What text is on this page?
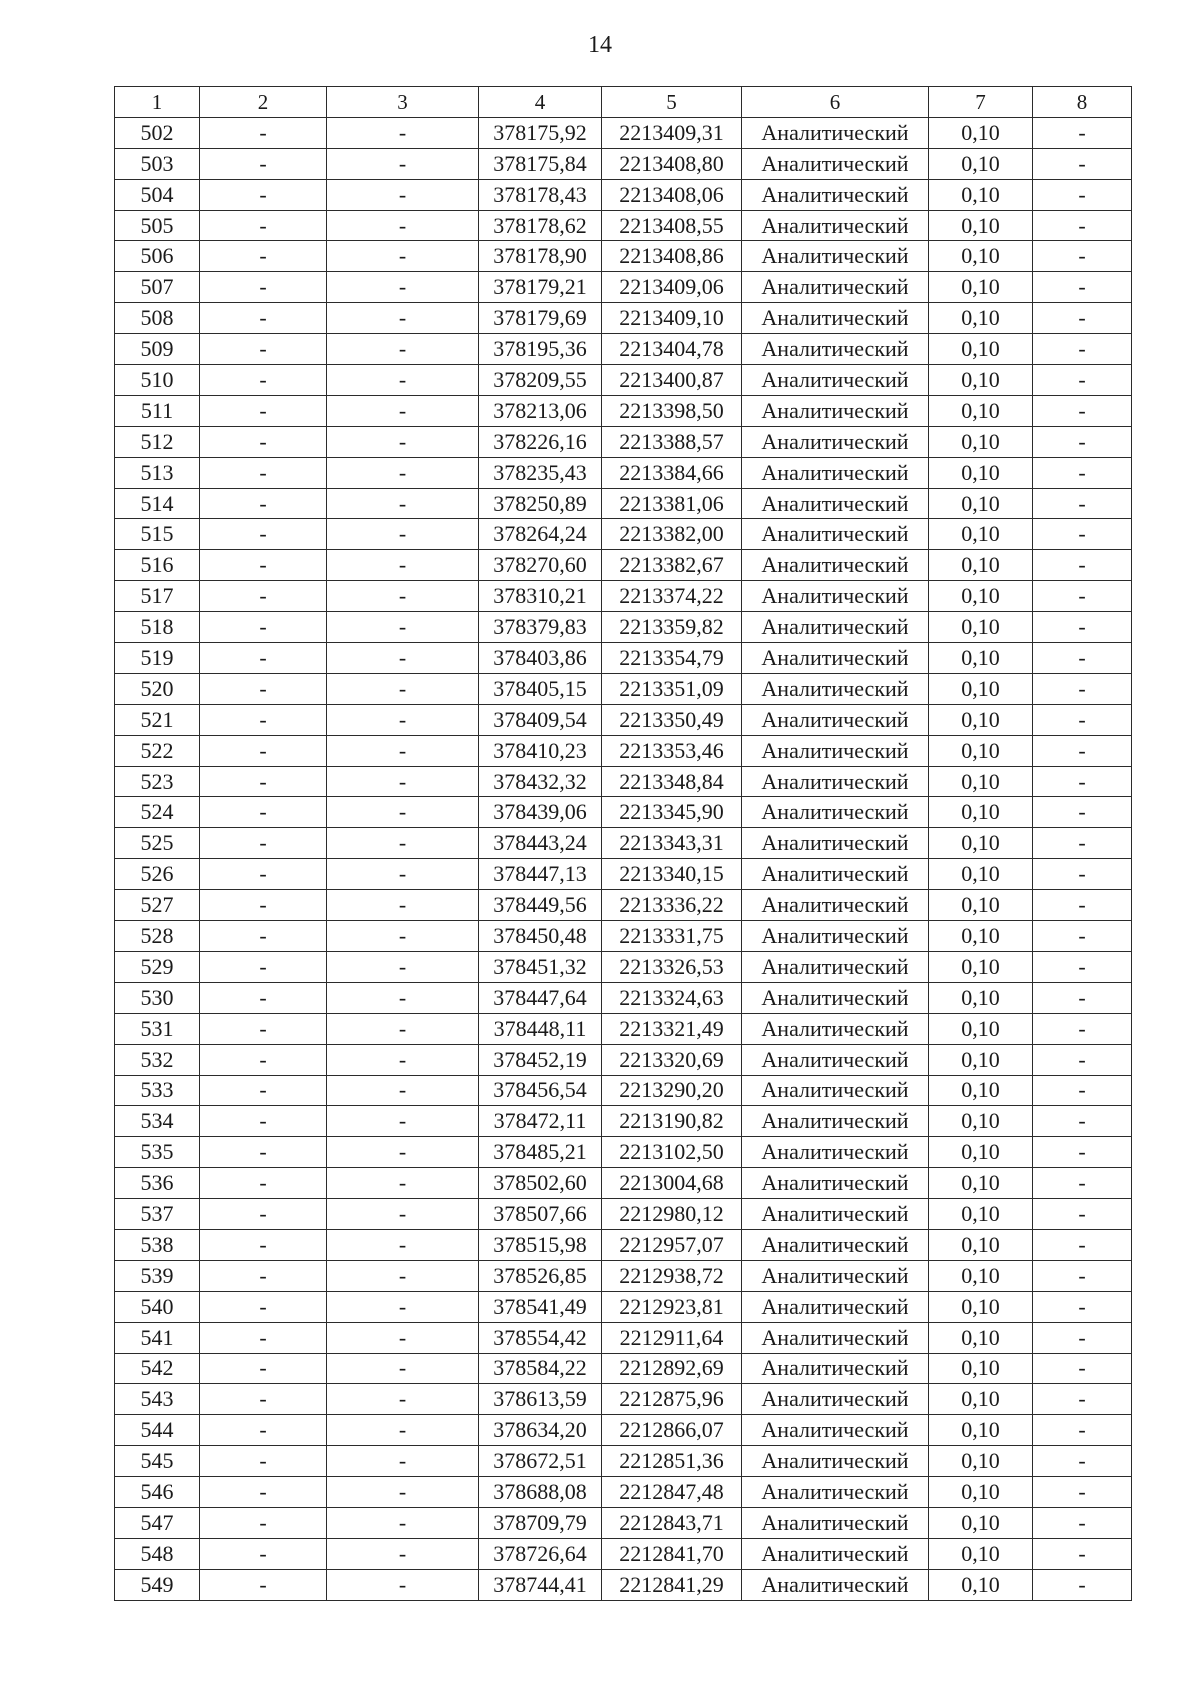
14
1	2	3	4	5	6	7	8
502	-	-	378175,92	2213409,31	Аналитический	0,10	-
503	-	-	378175,84	2213408,80	Аналитический	0,10	-
504	-	-	378178,43	2213408,06	Аналитический	0,10	-
505	-	-	378178,62	2213408,55	Аналитический	0,10	-
506	-	-	378178,90	2213408,86	Аналитический	0,10	-
507	-	-	378179,21	2213409,06	Аналитический	0,10	-
508	-	-	378179,69	2213409,10	Аналитический	0,10	-
509	-	-	378195,36	2213404,78	Аналитический	0,10	-
510	-	-	378209,55	2213400,87	Аналитический	0,10	-
511	-	-	378213,06	2213398,50	Аналитический	0,10	-
512	-	-	378226,16	2213388,57	Аналитический	0,10	-
513	-	-	378235,43	2213384,66	Аналитический	0,10	-
514	-	-	378250,89	2213381,06	Аналитический	0,10	-
515	-	-	378264,24	2213382,00	Аналитический	0,10	-
516	-	-	378270,60	2213382,67	Аналитический	0,10	-
517	-	-	378310,21	2213374,22	Аналитический	0,10	-
518	-	-	378379,83	2213359,82	Аналитический	0,10	-
519	-	-	378403,86	2213354,79	Аналитический	0,10	-
520	-	-	378405,15	2213351,09	Аналитический	0,10	-
521	-	-	378409,54	2213350,49	Аналитический	0,10	-
522	-	-	378410,23	2213353,46	Аналитический	0,10	-
523	-	-	378432,32	2213348,84	Аналитический	0,10	-
524	-	-	378439,06	2213345,90	Аналитический	0,10	-
525	-	-	378443,24	2213343,31	Аналитический	0,10	-
526	-	-	378447,13	2213340,15	Аналитический	0,10	-
527	-	-	378449,56	2213336,22	Аналитический	0,10	-
528	-	-	378450,48	2213331,75	Аналитический	0,10	-
529	-	-	378451,32	2213326,53	Аналитический	0,10	-
530	-	-	378447,64	2213324,63	Аналитический	0,10	-
531	-	-	378448,11	2213321,49	Аналитический	0,10	-
532	-	-	378452,19	2213320,69	Аналитический	0,10	-
533	-	-	378456,54	2213290,20	Аналитический	0,10	-
534	-	-	378472,11	2213190,82	Аналитический	0,10	-
535	-	-	378485,21	2213102,50	Аналитический	0,10	-
536	-	-	378502,60	2213004,68	Аналитический	0,10	-
537	-	-	378507,66	2212980,12	Аналитический	0,10	-
538	-	-	378515,98	2212957,07	Аналитический	0,10	-
539	-	-	378526,85	2212938,72	Аналитический	0,10	-
540	-	-	378541,49	2212923,81	Аналитический	0,10	-
541	-	-	378554,42	2212911,64	Аналитический	0,10	-
542	-	-	378584,22	2212892,69	Аналитический	0,10	-
543	-	-	378613,59	2212875,96	Аналитический	0,10	-
544	-	-	378634,20	2212866,07	Аналитический	0,10	-
545	-	-	378672,51	2212851,36	Аналитический	0,10	-
546	-	-	378688,08	2212847,48	Аналитический	0,10	-
547	-	-	378709,79	2212843,71	Аналитический	0,10	-
548	-	-	378726,64	2212841,70	Аналитический	0,10	-
549	-	-	378744,41	2212841,29	Аналитический	0,10	-
